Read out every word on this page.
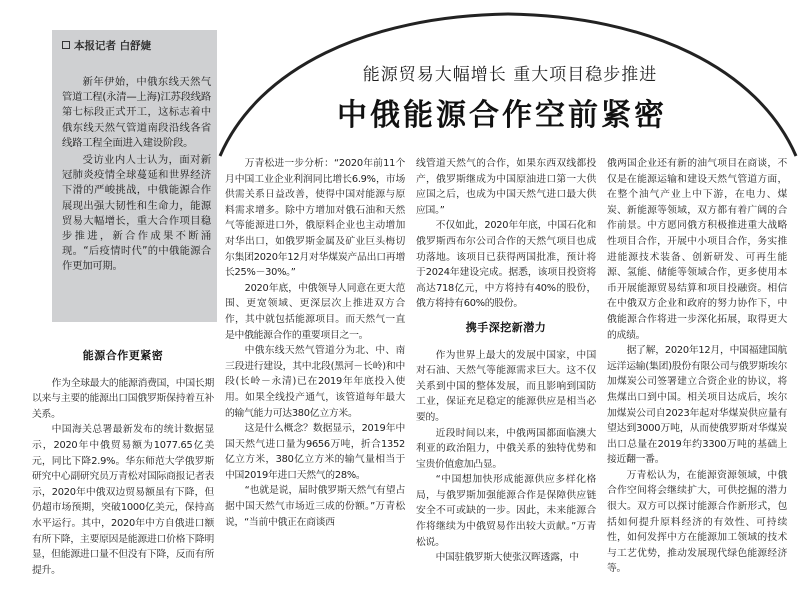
本报记者 白舒婕

新年伊始，中俄东线天然气管道工程(永清—上海)江苏段线路第七标段正式开工，这标志着中俄东线天然气管道南段沿线各省线路工程全面进入建设阶段。

受访业内人士认为，面对新冠肺炎疫情全球蔓延和世界经济下滑的严峻挑战，中俄能源合作展现出强大韧性和生命力，能源贸易大幅增长，重大合作项目稳步推进，新合作成果不断涌现。“后疫情时代”的中俄能源合作更加可期。

能源贸易大幅增长 重大项目稳步推进
中俄能源合作空前紧密
能源合作更紧密

作为全球最大的能源消费国，中国长期以来与主要的能源出口国俄罗斯保持着互补关系。

中国海关总署最新发布的统计数据显示，2020年中俄贸易额为1077.65亿美元，同比下降2.9%。华东师范大学俄罗斯研究中心副研究员万青松对国际商报记者表示，2020年中俄双边贸易额虽有下降，但仍超市场预期，突破1000亿美元，保持高水平运行。其中，2020年中方自俄进口额有所下降，主要原因是能源进口价格下降明显，但能源进口量不但没有下降，反而有所提升。

万青松进一步分析：“2020年前11个月中国工业企业利润同比增长6.9%，市场供需关系日益改善，使得中国对能源与原料需求增多。除中方增加对俄石油和天然气等能源进口外，俄原料企业也主动增加对华出口，如俄罗斯金属及矿业巨头梅切尔集团2020年12月对华煤炭产品出口再增长25%－30%。”

2020年底，中俄领导人同意在更大范围、更宽领域、更深层次上推进双方合作，其中就包括能源项目。而天然气一直是中俄能源合作的重要项目之一。

中俄东线天然气管道分为北、中、南三段进行建设，其中北段(黑河－长岭)和中段(长岭－永清)已在2019年年底投入使用。如果全线投产通气，该管道每年最大的输气能力可达380亿立方米。

这是什么概念？数据显示，2019年中国天然气进口量为9656万吨，折合1352亿立方米，380亿立方米的输气量相当于中国2019年进口天然气的28%。

“也就是说，届时俄罗斯天然气有望占据中国天然气市场近三成的份额。”万青松说，“当前中俄正在商谈西

线管道天然气的合作，如果东西双线都投产，俄罗斯继成为中国原油进口第一大供应国之后，也成为中国天然气进口最大供应国。”

不仅如此，2020年年底，中国石化和俄罗斯西布尔公司合作的天然气项目也成功落地。该项目已获得两国批准，预计将于2024年建设完成。据悉，该项目投资将高达718亿元，中方将持有40%的股份，俄方将持有60%的股份。

携手深挖新潜力

作为世界上最大的发展中国家，中国对石油、天然气等能源需求巨大。这不仅关系到中国的整体发展，而且影响到国防工业，保证充足稳定的能源供应是相当必要的。

近段时间以来，中俄两国都面临澳大利亚的政治阻力，中俄关系的独特优势和宝贵价值愈加凸显。

“中国想加快形成能源供应多样化格局，与俄罗斯加强能源合作是保障供应链安全不可或缺的一步。因此，未来能源合作将继续为中俄贸易作出较大贡献。”万青松说。

中国驻俄罗斯大使张汉晖透露，中

俄两国企业还有新的油气项目在商谈，不仅是在能源运输和建设天然气管道方面，在整个油气产业上中下游，在电力、煤炭、新能源等领域，双方都有着广阔的合作前景。中方愿同俄方积极推进重大战略性项目合作，开展中小项目合作，务实推进能源技术装备、创新研发、可再生能源、氢能、储能等领域合作，更多使用本币开展能源贸易结算和项目投融资。相信在中俄双方企业和政府的努力协作下，中俄能源合作将进一步深化拓展，取得更大的成绩。

据了解，2020年12月，中国福建国航远洋运输(集团)股份有限公司与俄罗斯埃尔加煤炭公司签署建立合资企业的协议，将焦煤出口到中国。相关项目达成后，埃尔加煤炭公司自2023年起对华煤炭供应量有望达到3000万吨，从而使俄罗斯对华煤炭出口总量在2019年约3300万吨的基础上接近翻一番。

万青松认为，在能源资源领域，中俄合作空间将会继续扩大，可供挖掘的潜力很大。双方可以探讨能源合作新形式，包括如何提升原料经济的有效性、可持续性，如何发挥中方在能源加工领域的技术与工艺优势，推动发展现代绿色能源经济等。
